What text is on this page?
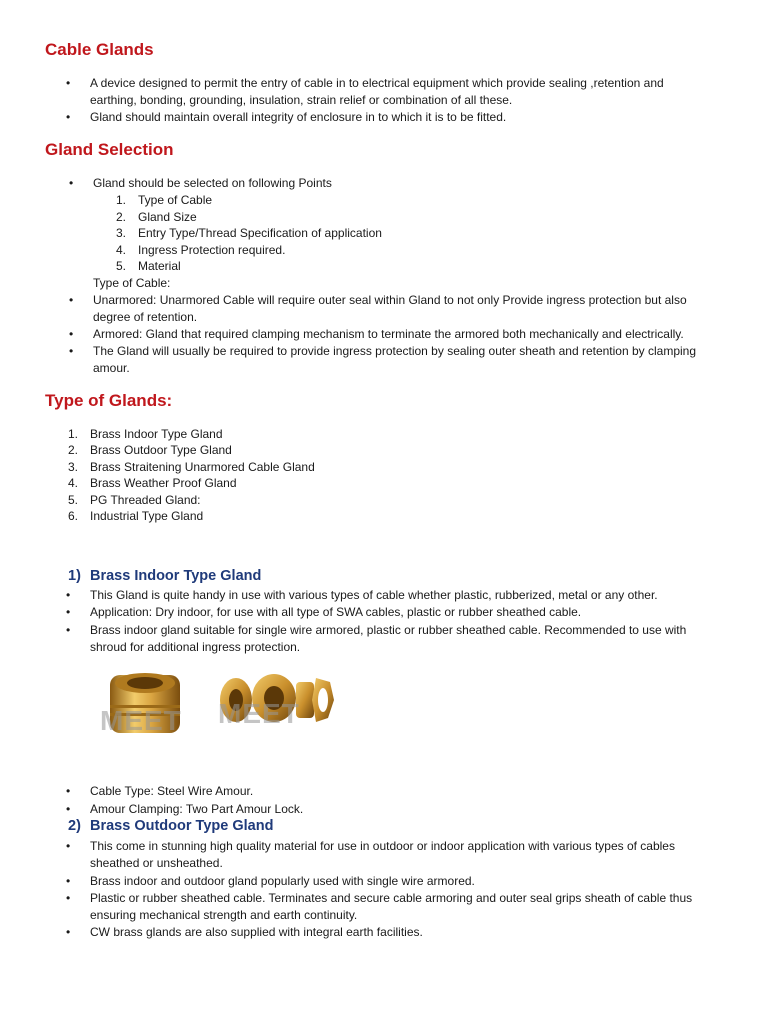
Cable Glands
•	A device designed to permit the entry of cable in to electrical equipment which provide sealing ,retention and
earthing, bonding, grounding, insulation, strain relief or combination of all these.
•	Gland should maintain overall integrity of enclosure in to which it is to be fitted.
Gland Selection
•	Gland should be selected on following Points
1. Type of Cable
2. Gland Size
3. Entry Type/Thread Specification of application
4. Ingress Protection required.
5. Material
Type of Cable:
•	Unarmored: Unarmored Cable will require outer seal within Gland to not only Provide ingress protection but also
degree of retention.
•	Armored: Gland that required clamping mechanism to terminate the armored both mechanically and electrically.
•	The Gland will usually be required to provide ingress protection by sealing outer sheath and retention by clamping
amour.
Type of Glands:
1. Brass Indoor Type Gland
2. Brass Outdoor Type Gland
3. Brass Straitening Unarmored Cable Gland
4. Brass Weather Proof Gland
5. PG Threaded Gland:
6. Industrial Type Gland
1) Brass Indoor Type Gland
•	This Gland is quite handy in use with various types of cable whether plastic, rubberized, metal or any other.
•	Application: Dry indoor, for use with all type of SWA cables, plastic or rubber sheathed cable.
•	Brass indoor gland suitable for single wire armored, plastic or rubber sheathed cable. Recommended to use with
shroud for additional ingress protection.
MEET MEET
•	Cable Type: Steel Wire Amour.
•	Amour Clamping: Two Part Amour Lock.
2) Brass Outdoor Type Gland
•	This come in stunning high quality material for use in outdoor or indoor application with various types of cables
sheathed or unsheathed.
•	Brass indoor and outdoor gland popularly used with single wire armored.
•	Plastic or rubber sheathed cable. Terminates and secure cable armoring and outer seal grips sheath of cable thus
ensuring mechanical strength and earth continuity.
•	CW brass glands are also supplied with integral earth facilities.
